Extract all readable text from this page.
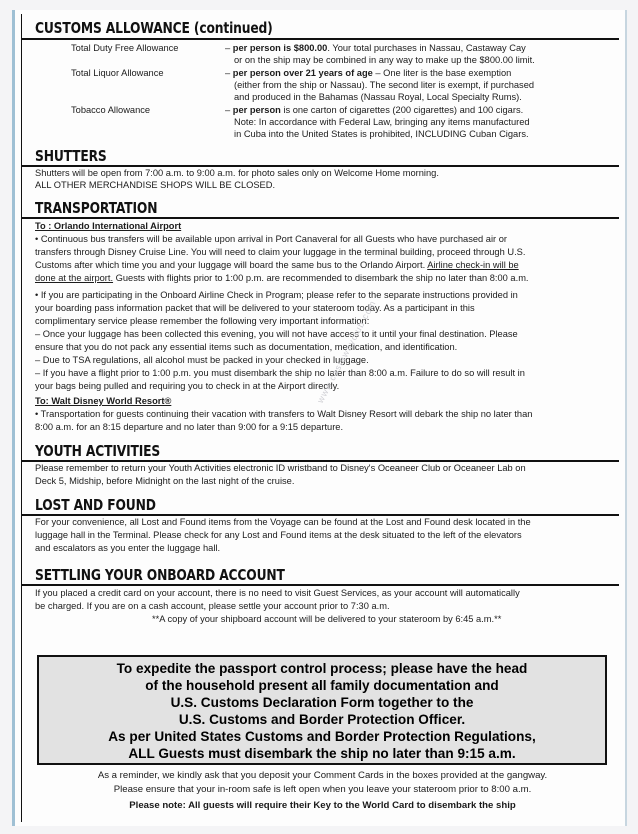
CUSTOMS ALLOWANCE (continued)
Total Duty Free Allowance	– per person is $800.00. Your total purchases in Nassau, Castaway Cay
or on the ship may be combined in any way to make up the $800.00 limit.
Total Liquor Allowance	– per person over 21 years of age – One liter is the base exemption
(either from the ship or Nassau). The second liter is exempt, if purchased
and produced in the Bahamas (Nassau Royal, Local Specialty Rums).
Tobacco Allowance	– per person is one carton of cigarettes (200 cigarettes) and 100 cigars.
Note: In accordance with Federal Law, bringing any items manufactured
in Cuba into the United States is prohibited, INCLUDING Cuban Cigars.
SHUTTERS
Shutters will be open from 7:00 a.m. to 9:00 a.m. for photo sales only on Welcome Home morning.
ALL OTHER MERCHANDISE SHOPS WILL BE CLOSED.
TRANSPORTATION
To : Orlando International Airport
• Continuous bus transfers will be available upon arrival in Port Canaveral for all Guests who have purchased air or
transfers through Disney Cruise Line. You will need to claim your luggage in the terminal building, proceed through U.S.
Customs after which time you and your luggage will board the same bus to the Orlando Airport. Airline check-in will be
done at the airport. Guests with flights prior to 1:00 p.m. are recommended to disembark the ship no later than 8:00 a.m.
• If you are participating in the Onboard Airline Check in Program; please refer to the separate instructions provided in
your boarding pass information packet that will be delivered to your stateroom today. As a participant in this
complimentary service please remember the following very important information:
– Once your luggage has been collected this evening, you will not have access to it until your final destination. Please
ensure that you do not pack any essential items such as documentation, medication, and identification.
– Due to TSA regulations, all alcohol must be packed in your checked in luggage.
– If you have a flight prior to 1:00 p.m. you must disembark the ship no later than 8:00 a.m. Failure to do so will result in
your bags being pulled and requiring you to check in at the Airport directly.
To: Walt Disney World Resort®
• Transportation for guests continuing their vacation with transfers to Walt Disney Resort will debark the ship no later than
8:00 a.m. for an 8:15 departure and no later than 9:00 for a 9:15 departure.
YOUTH ACTIVITIES
Please remember to return your Youth Activities electronic ID wristband to Disney's Oceaneer Club or Oceaneer Lab on
Deck 5, Midship, before Midnight on the last night of the cruise.
LOST AND FOUND
For your convenience, all Lost and Found items from the Voyage can be found at the Lost and Found desk located in the
luggage hall in the Terminal. Please check for any Lost and Found items at the desk situated to the left of the elevators
and escalators as you enter the luggage hall.
SETTLING YOUR ONBOARD ACCOUNT
If you placed a credit card on your account, there is no need to visit Guest Services, as your account will automatically
be charged. If you are on a cash account, please settle your account prior to 7:30 a.m.
**A copy of your shipboard account will be delivered to your stateroom by 6:45 a.m.**
To expedite the passport control process; please have the head
of the household present all family documentation and
U.S. Customs Declaration Form together to the
U.S. Customs and Border Protection Officer.
As per United States Customs and Border Protection Regulations,
ALL Guests must disembark the ship no later than 9:15 a.m.
As a reminder, we kindly ask that you deposit your Comment Cards in the boxes provided at the gangway.
Please ensure that your in-room safe is left open when you leave your stateroom prior to 8:00 a.m.
Please note: All guests will require their Key to the World Card to disembark the ship
www.castawayclub.com
